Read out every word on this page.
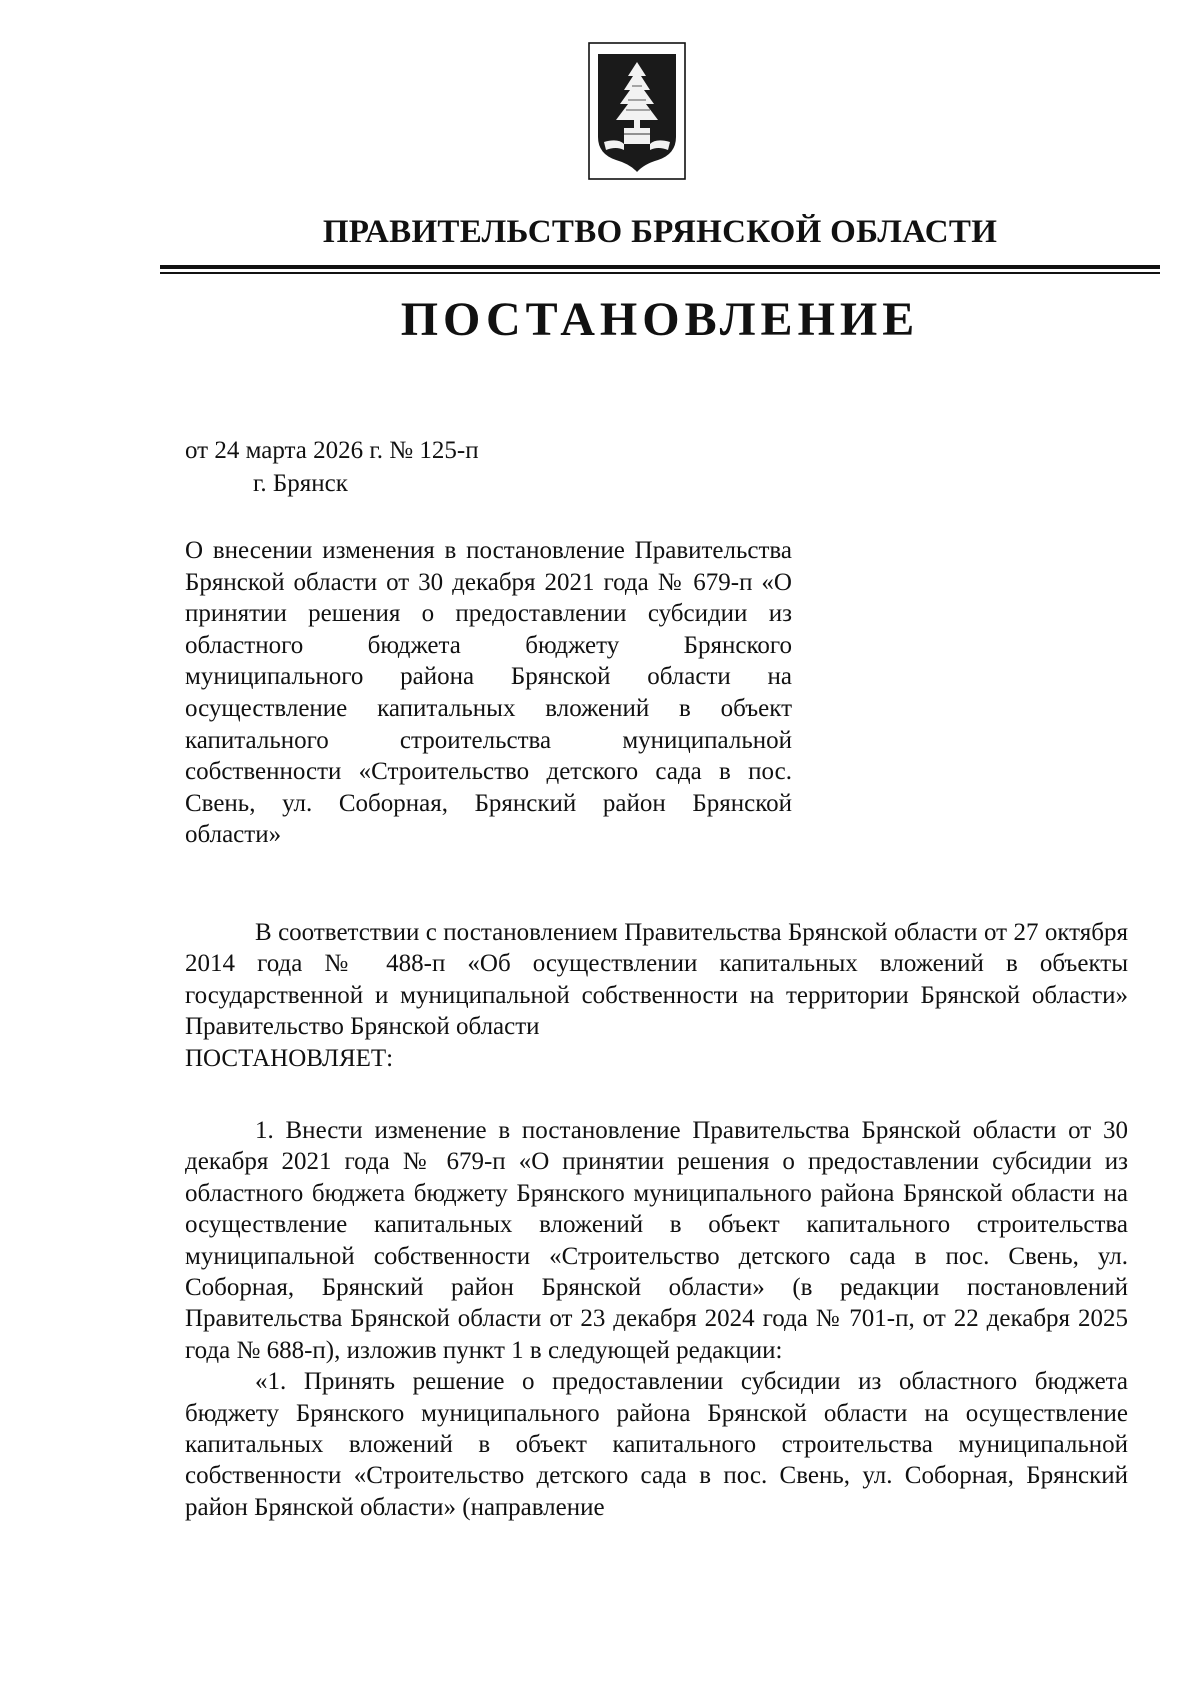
ПРАВИТЕЛЬСТВО БРЯНСКОЙ ОБЛАСТИ
ПОСТАНОВЛЕНИЕ
от 24 марта 2026 г. № 125-п
г. Брянск
О внесении изменения в постановление Правительства Брянской области от 30 декабря 2021 года № 679-п «О принятии решения о предоставлении субсидии из областного бюджета бюджету Брянского муниципального района Брянской области на осуществление капитальных вложений в объект капитального строительства муниципальной собственности «Строительство детского сада в пос. Свень, ул. Соборная, Брянский район Брянской области»

В соответствии с постановлением Правительства Брянской области от 27 октября 2014 года № 488-п «Об осуществлении капитальных вложений в объекты государственной и муниципальной собственности на территории Брянской области» Правительство Брянской области

ПОСТАНОВЛЯЕТ:

1. Внести изменение в постановление Правительства Брянской области от 30 декабря 2021 года № 679-п «О принятии решения о предоставлении субсидии из областного бюджета бюджету Брянского муниципального района Брянской области на осуществление капитальных вложений в объект капитального строительства муниципальной собственности «Строительство детского сада в пос. Свень, ул. Соборная, Брянский район Брянской области» (в редакции постановлений Правительства Брянской области от 23 декабря 2024 года № 701-п, от 22 декабря 2025 года № 688-п), изложив пункт 1 в следующей редакции:

«1. Принять решение о предоставлении субсидии из областного бюджета бюджету Брянского муниципального района Брянской области на осуществление капитальных вложений в объект капитального строительства муниципальной собственности «Строительство детского сада в пос. Свень, ул. Соборная, Брянский район Брянской области» (направление
